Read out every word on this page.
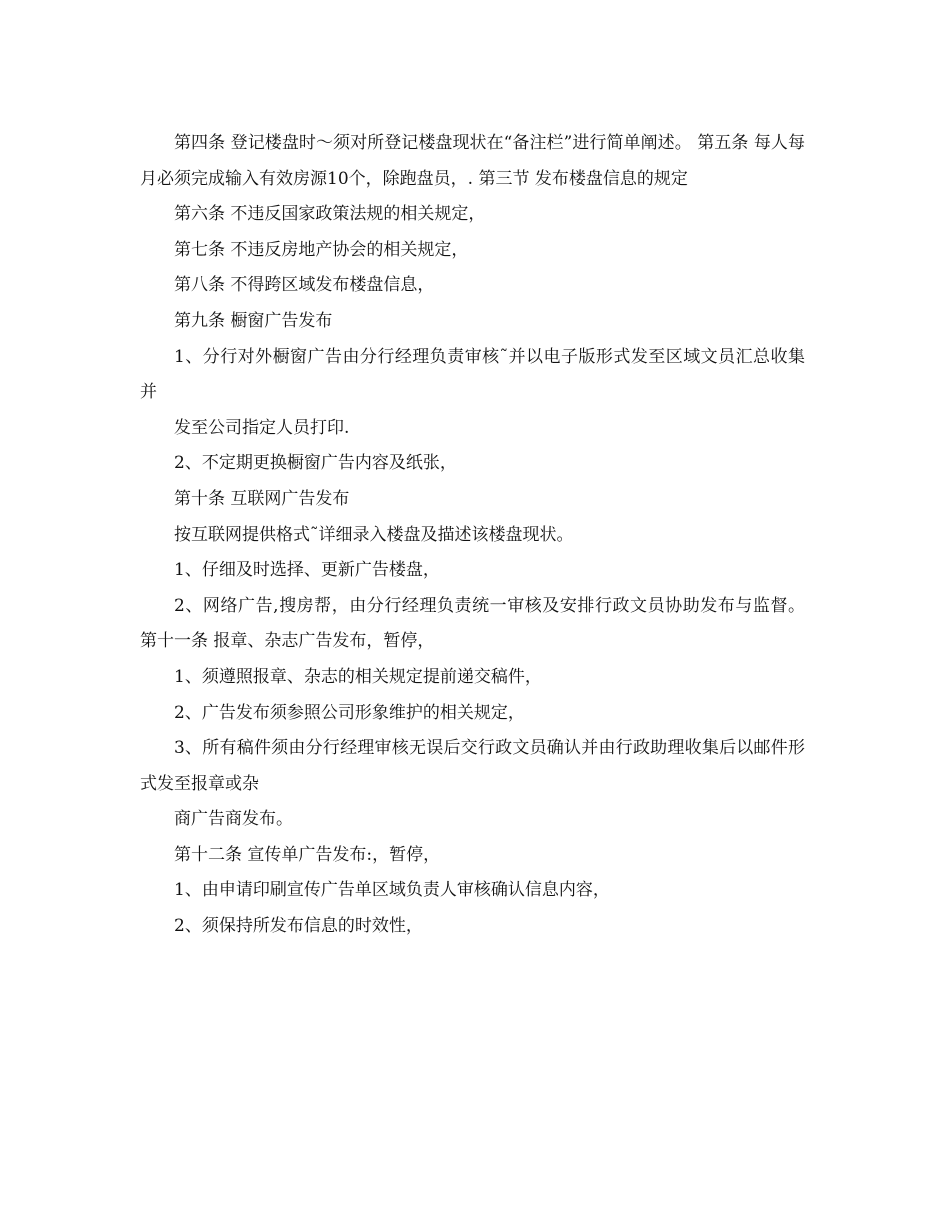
第四条 登记楼盘时～须对所登记楼盘现状在“备注栏”进行简单阐述。 第五条 每人每月必须完成输入有效房源10个，除跑盘员，. 第三节 发布楼盘信息的规定

第六条 不违反国家政策法规的相关规定，

第七条 不违反房地产协会的相关规定，

第八条 不得跨区域发布楼盘信息，

第九条 橱窗广告发布

1、分行对外橱窗广告由分行经理负责审核˜并以电子版形式发至区域文员汇总收集并

发至公司指定人员打印.

2、不定期更换橱窗广告内容及纸张，

第十条 互联网广告发布

按互联网提供格式˜详细录入楼盘及描述该楼盘现状。

1、仔细及时选择、更新广告楼盘，

2、网络广告,搜房帮，由分行经理负责统一审核及安排行政文员协助发布与监督。 第十一条 报章、杂志广告发布，暂停，

1、须遵照报章、杂志的相关规定提前递交稿件，

2、广告发布须参照公司形象维护的相关规定，

3、所有稿件须由分行经理审核无误后交行政文员确认并由行政助理收集后以邮件形式发至报章或杂

商广告商发布。

第十二条 宣传单广告发布:，暂停，

1、由申请印刷宣传广告单区域负责人审核确认信息内容，

2、须保持所发布信息的时效性，
